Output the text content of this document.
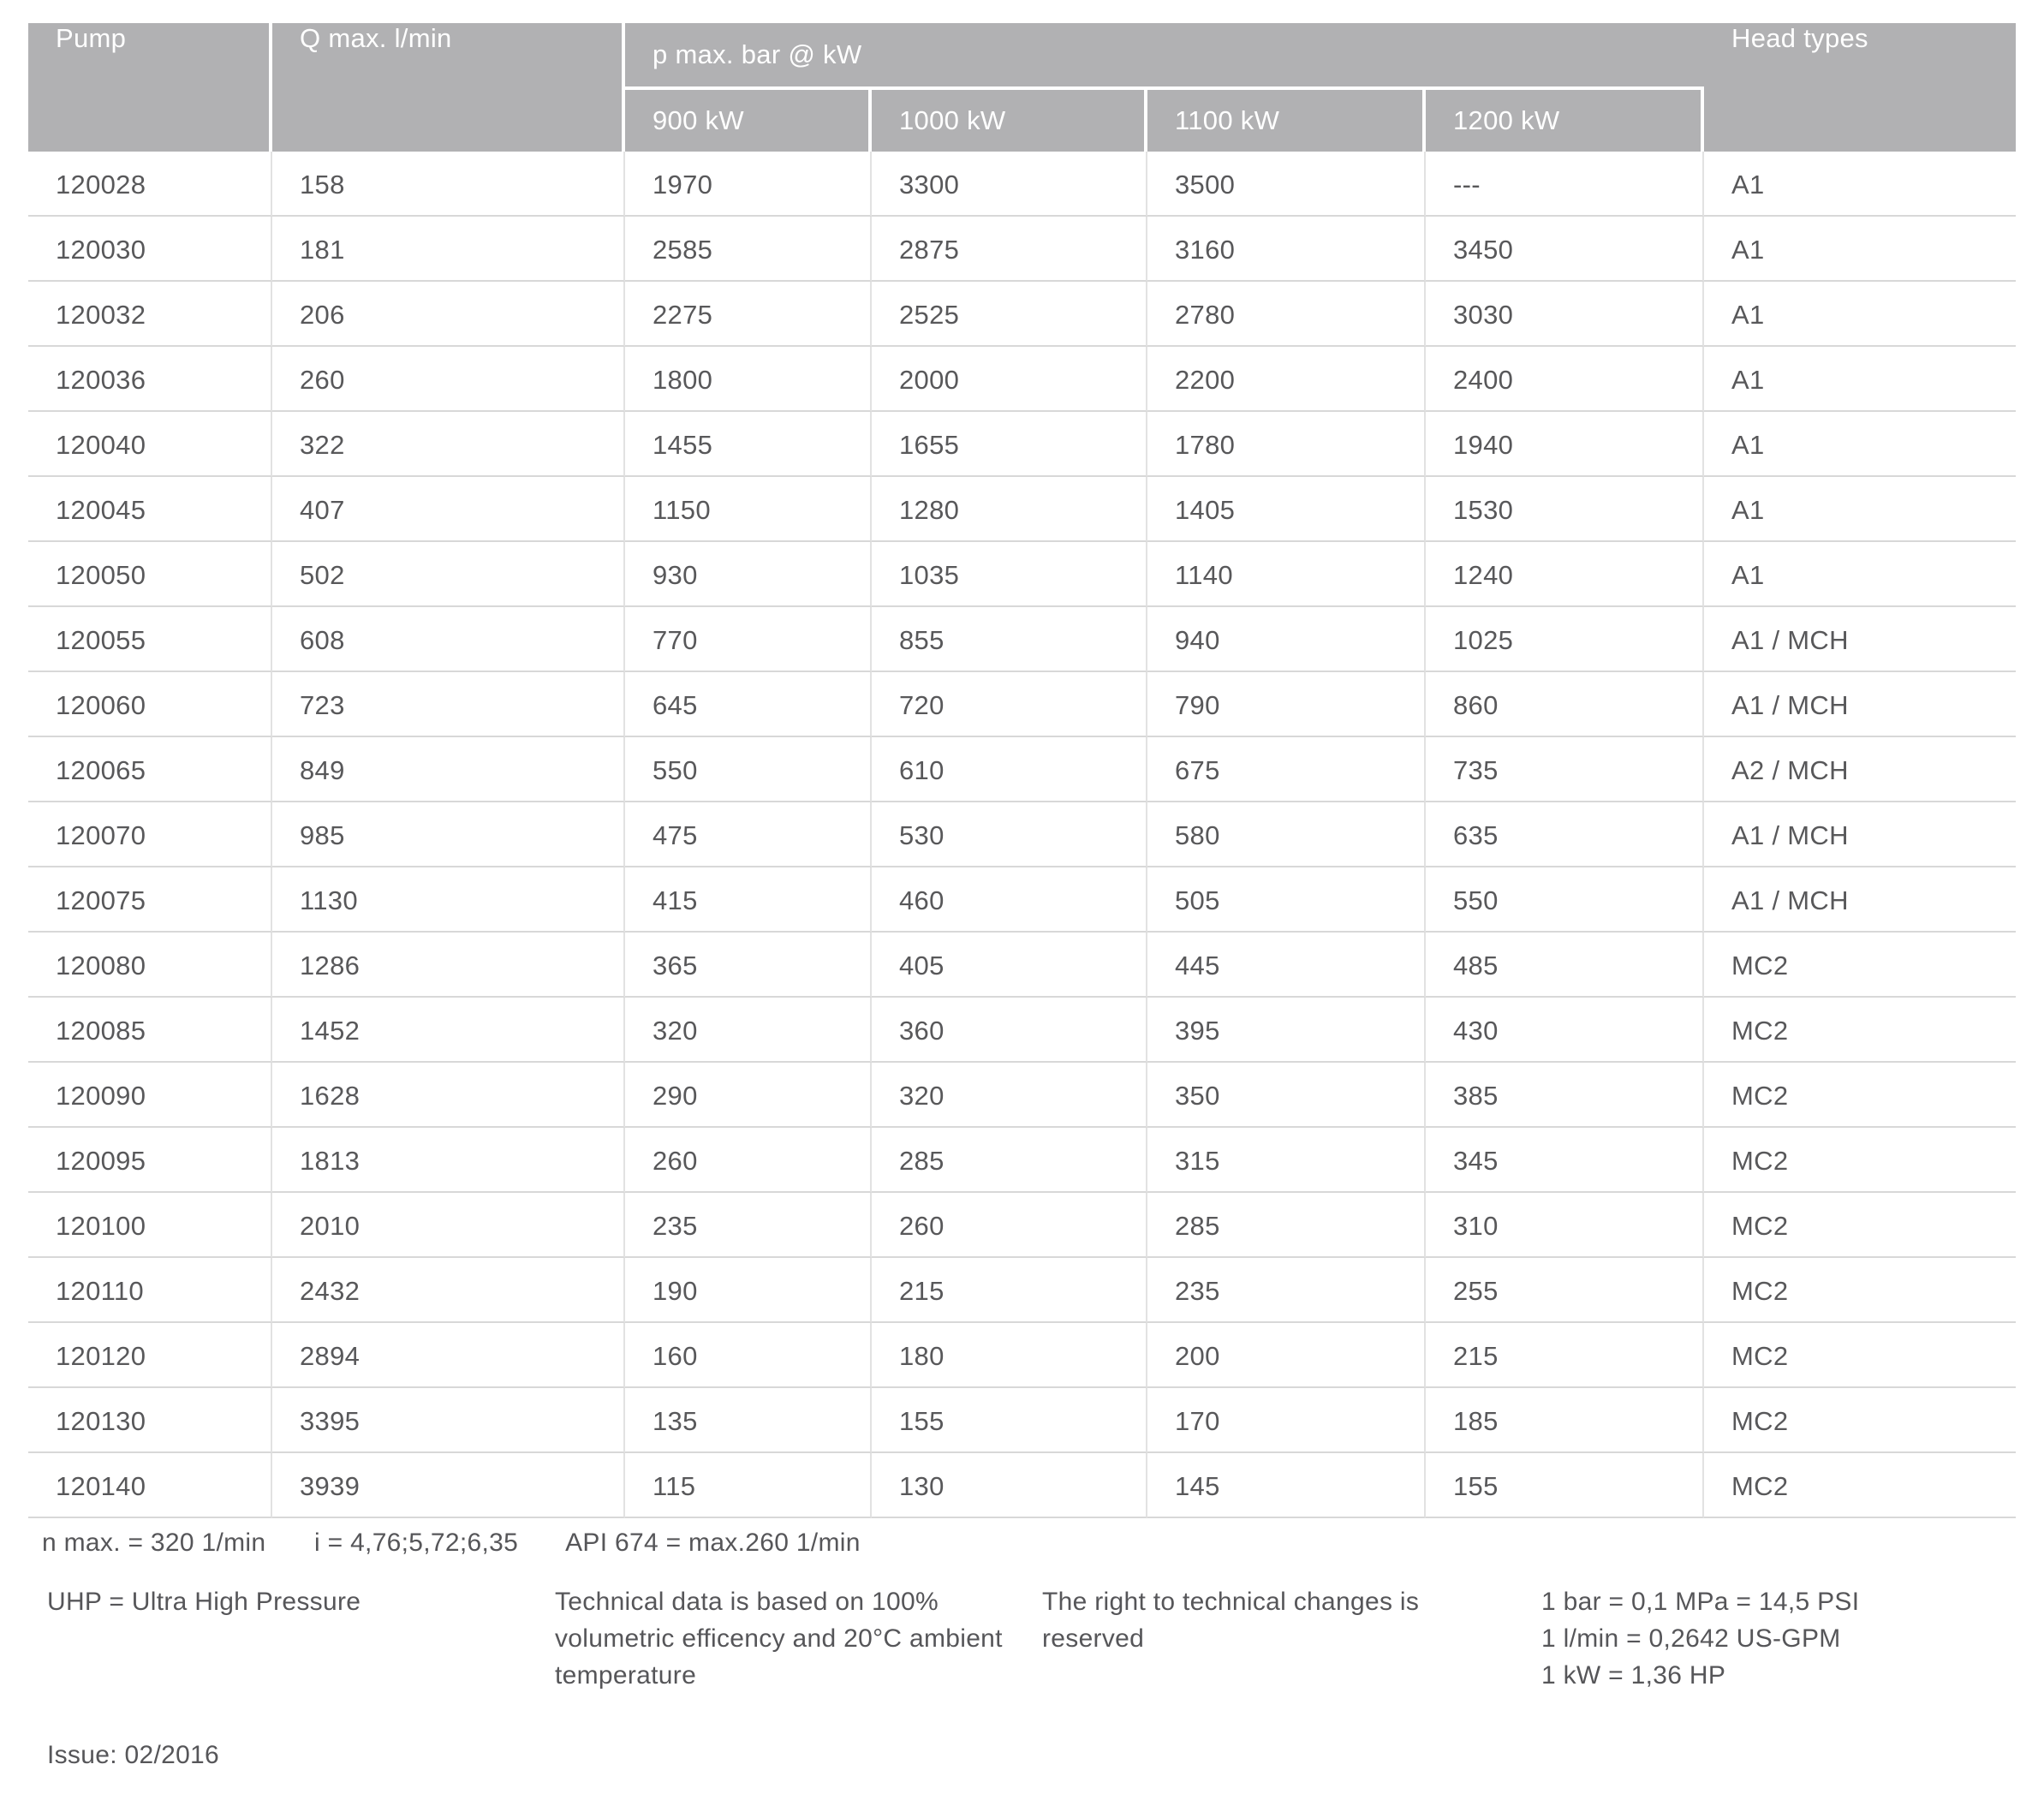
Pump	Q max. l/min	p max. bar @ kW				Head types
		900 kW	1000 kW	1100 kW	1200 kW	
120028	158	1970	3300	3500	---	A1
120030	181	2585	2875	3160	3450	A1
120032	206	2275	2525	2780	3030	A1
120036	260	1800	2000	2200	2400	A1
120040	322	1455	1655	1780	1940	A1
120045	407	1150	1280	1405	1530	A1
120050	502	930	1035	1140	1240	A1
120055	608	770	855	940	1025	A1 / MCH
120060	723	645	720	790	860	A1 / MCH
120065	849	550	610	675	735	A2 / MCH
120070	985	475	530	580	635	A1 / MCH
120075	1130	415	460	505	550	A1 / MCH
120080	1286	365	405	445	485	MC2
120085	1452	320	360	395	430	MC2
120090	1628	290	320	350	385	MC2
120095	1813	260	285	315	345	MC2
120100	2010	235	260	285	310	MC2
120110	2432	190	215	235	255	MC2
120120	2894	160	180	200	215	MC2
120130	3395	135	155	170	185	MC2
120140	3939	115	130	145	155	MC2
n max. = 320 1/min i = 4,76;5,72;6,35 API 674 = max.260 1/min
UHP = Ultra High Pressure	Technical data is based on 100% volumetric efficency and 20°C ambient temperature
The right to technical changes is reserved
1 bar = 0,1 MPa = 14,5 PSI
1 l/min = 0,2642 US-GPM
1 kW = 1,36 HP
Issue: 02/2016
